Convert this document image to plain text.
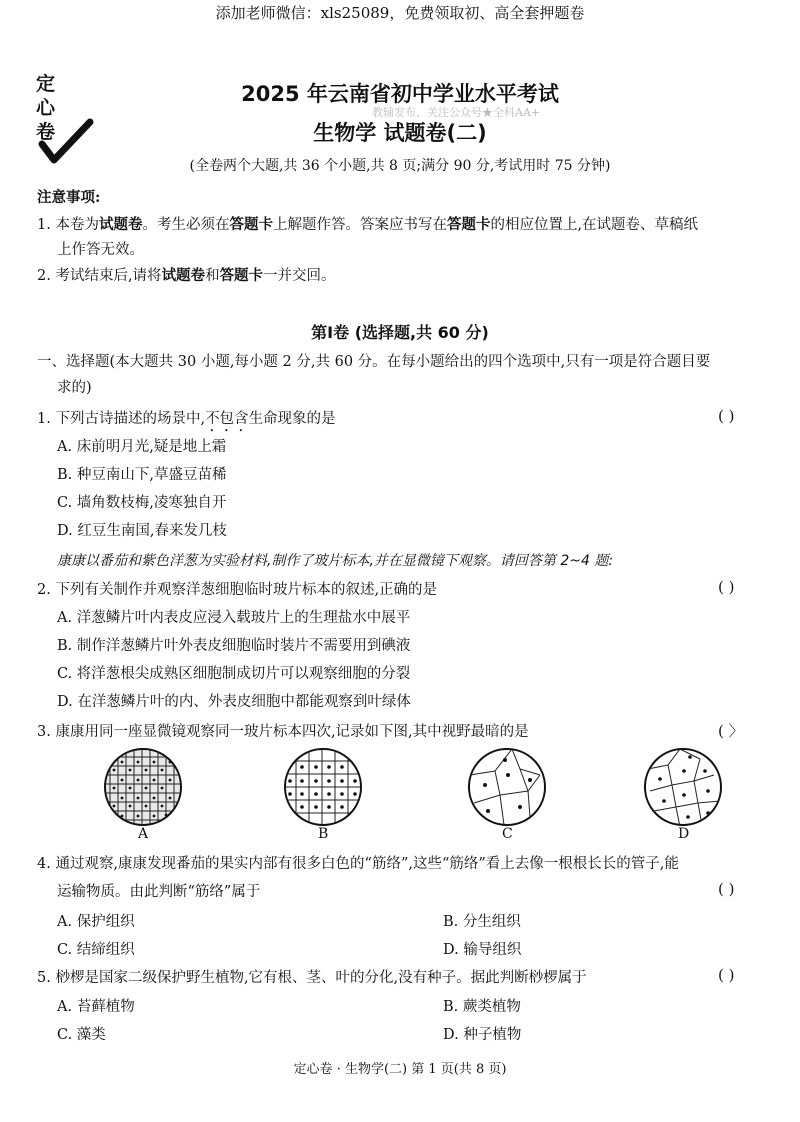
添加老师微信：xls25089，免费领取初、高全套押题卷
定
心
卷
2025 年云南省初中学业水平考试
教辅发布，关注公众号★全科AA+
生物学 试题卷(二)
(全卷两个大题,共 36 个小题,共 8 页;满分 90 分,考试用时 75 分钟)
注意事项:
1. 本卷为试题卷。考生必须在答题卡上解题作答。答案应书写在答题卡的相应位置上,在试题卷、草稿纸
上作答无效。
2. 考试结束后,请将试题卷和答题卡一并交回。
第Ⅰ卷 (选择题,共 60 分)
一、选择题(本大题共 30 小题,每小题 2 分,共 60 分。在每小题给出的四个选项中,只有一项是符合题目要
求的)
1. 下列古诗描述的场景中,不包含生命现象的是	( )
A. 床前明月光,疑是地上霜
B. 种豆南山下,草盛豆苗稀
C. 墙角数枝梅,凌寒独自开
D. 红豆生南国,春来发几枝
康康以番茄和紫色洋葱为实验材料,制作了玻片标本,并在显微镜下观察。请回答第 2~4 题:
2. 下列有关制作并观察洋葱细胞临时玻片标本的叙述,正确的是	( )
A. 洋葱鳞片叶内表皮应浸入载玻片上的生理盐水中展平
B. 制作洋葱鳞片叶外表皮细胞临时装片不需要用到碘液
C. 将洋葱根尖成熟区细胞制成切片可以观察细胞的分裂
D. 在洋葱鳞片叶的内、外表皮细胞中都能观察到叶绿体
3. 康康用同一座显微镜观察同一玻片标本四次,记录如下图,其中视野最暗的是	( 〉
A	B	C	D
4. 通过观察,康康发现番茄的果实内部有很多白色的“筋络”,这些“筋络”看上去像一根根长长的管子,能
运输物质。由此判断“筋络”属于	( )
A. 保护组织	B. 分生组织
C. 结缔组织	D. 输导组织
5. 桫椤是国家二级保护野生植物,它有根、茎、叶的分化,没有种子。据此判断桫椤属于	( )
A. 苔藓植物	B. 蕨类植物
C. 藻类	D. 种子植物
定心卷 · 生物学(二) 第 1 页(共 8 页)
